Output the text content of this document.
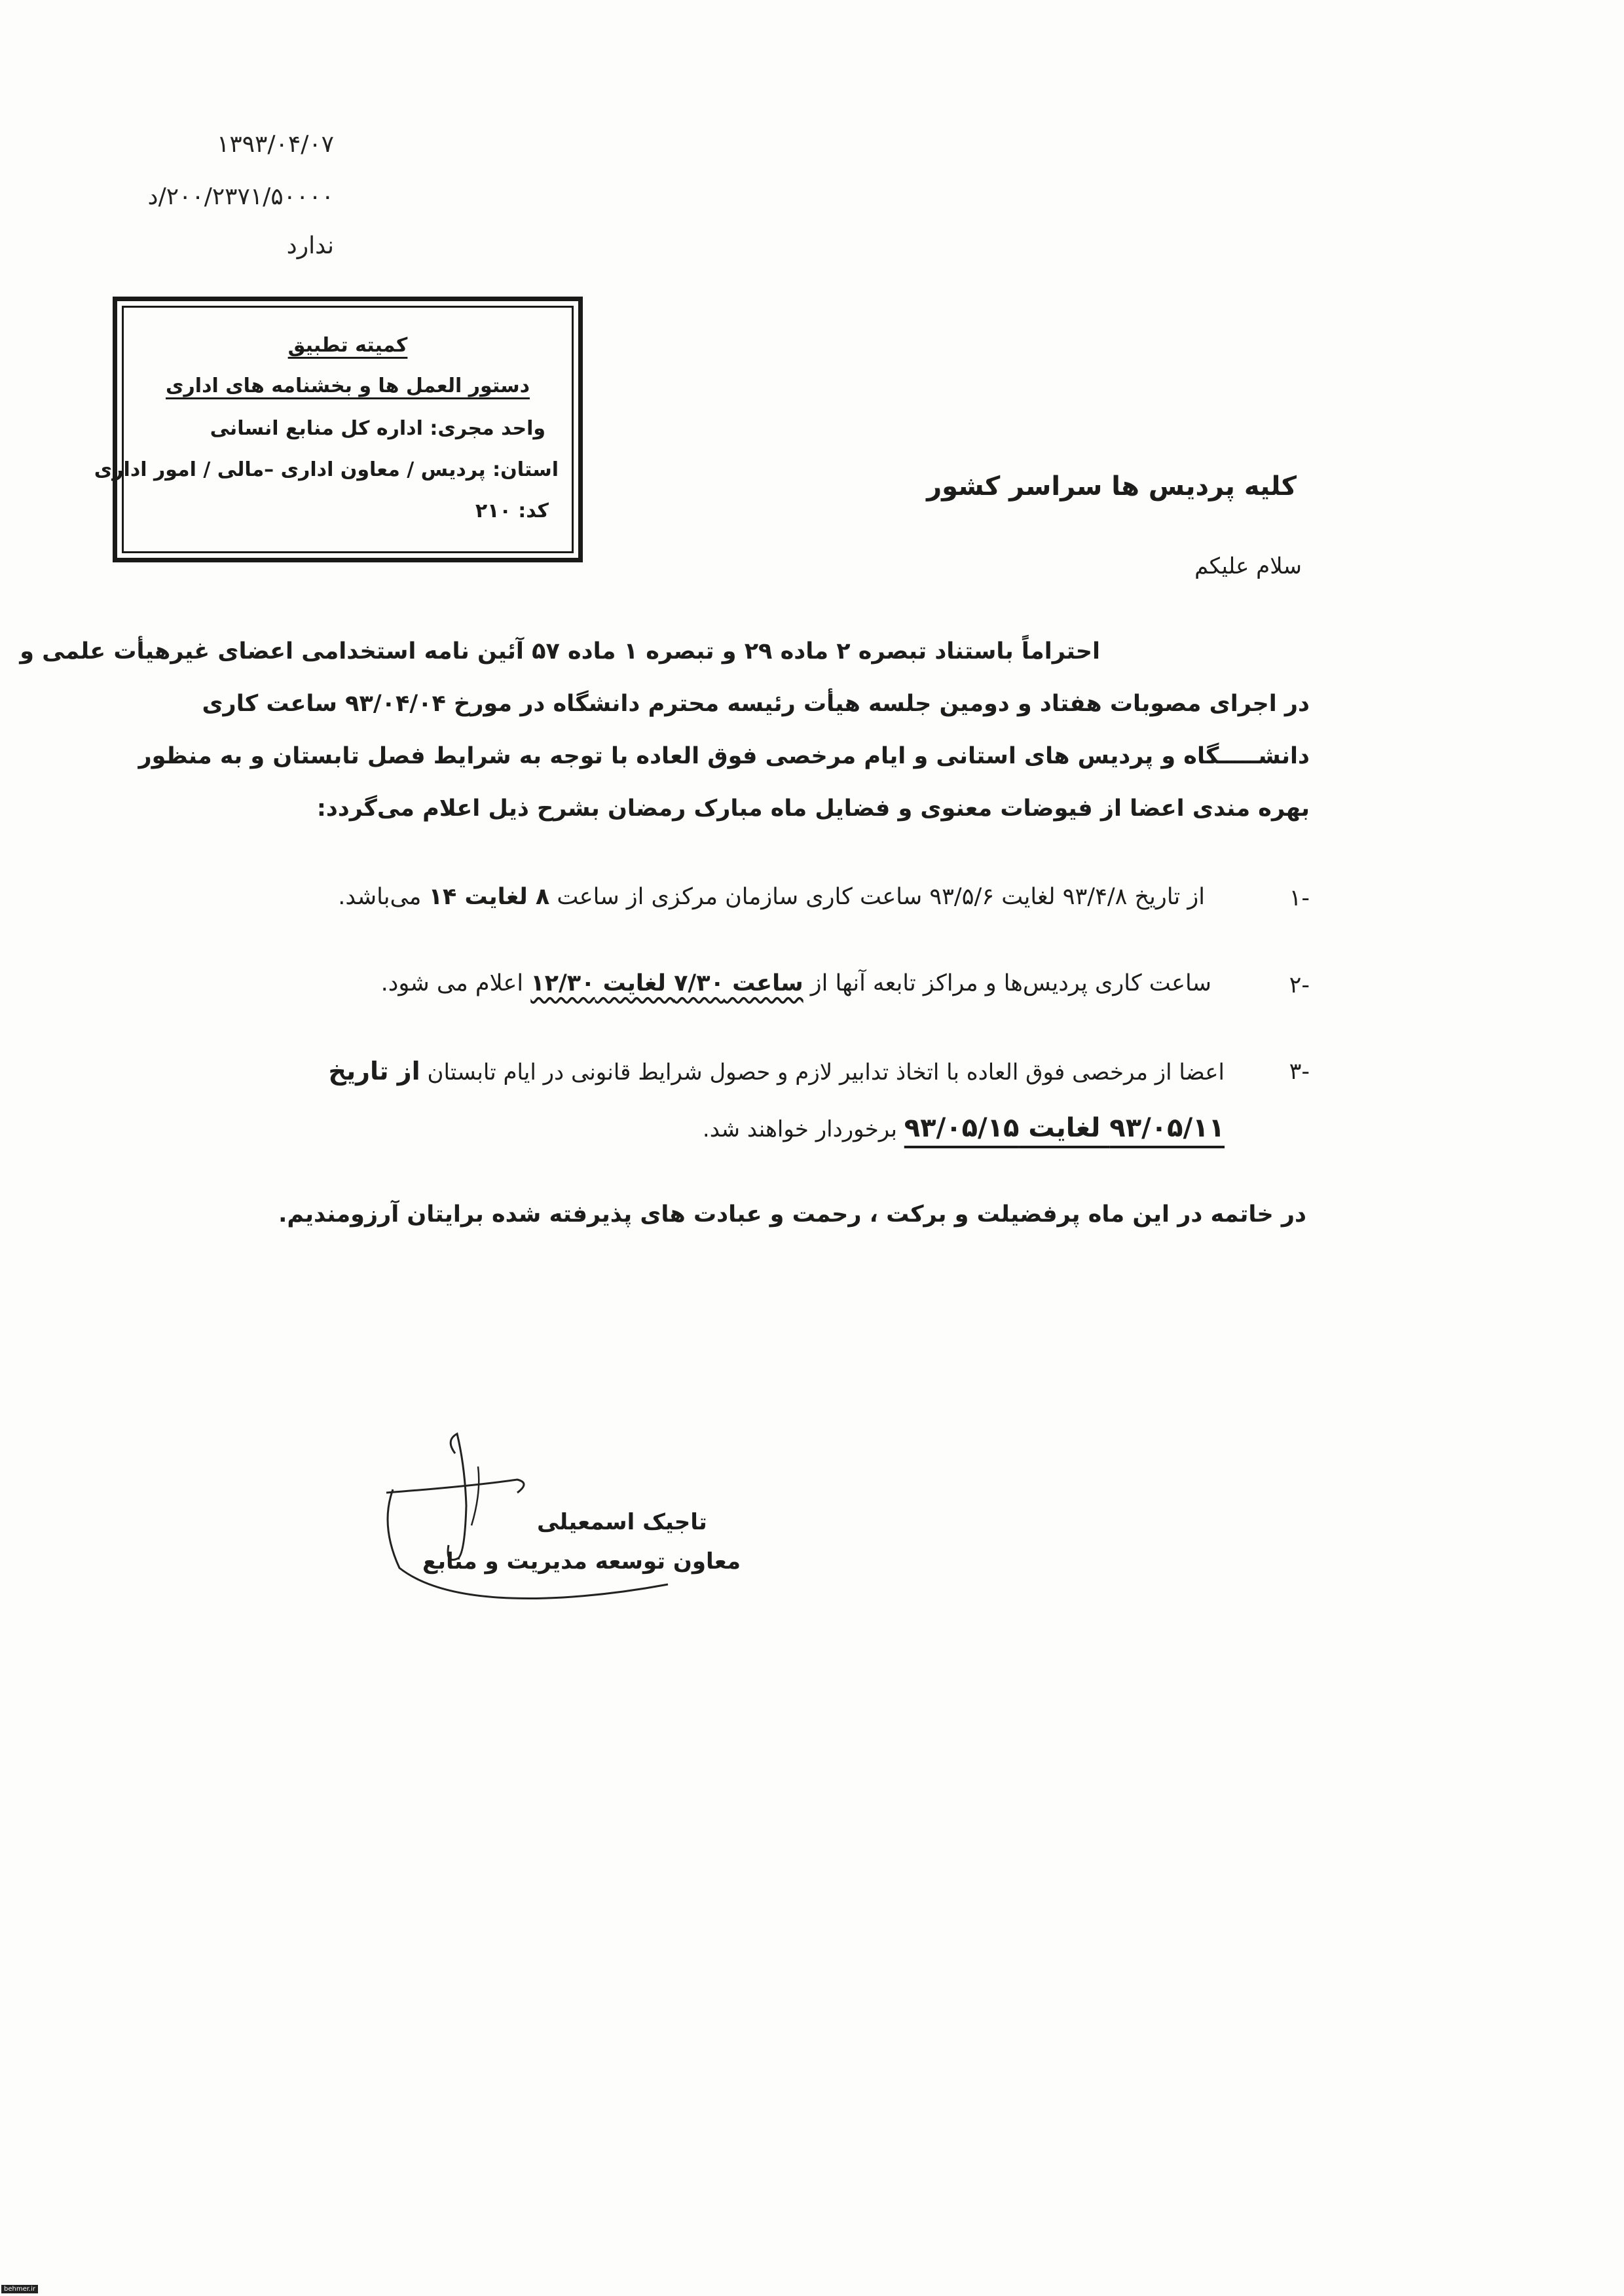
۱۳۹۳/۰۴/۰۷
۲۰۰/۲۳۷۱/۵۰۰۰۰/د
ندارد
کمیته تطبیق
دستور العمل ها و بخشنامه های اداری
واحد مجری: اداره کل منابع انسانی
استان: پردیس / معاون اداری –مالی / امور اداری
کد: ۲۱۰
کلیه پردیس ها سراسر کشور
سلام علیکم
احتراماً باستناد تبصره ۲ ماده ۲۹ و تبصره ۱ ماده ۵۷ آئین نامه استخدامی اعضای غیرهیأت علمی و
در اجرای مصوبات هفتاد و دومین جلسه هیأت رئیسه محترم دانشگاه در مورخ ۹۳/۰۴/۰۴ ساعت کاری
دانشـــــگاه و پردیس های استانی و ایام مرخصی فوق العاده با توجه به شرایط فصل تابستان و به منظور
بهره مندی اعضا از فیوضات معنوی و فضایل ماه مبارک رمضان بشرح ذیل اعلام می‌گردد:
۱-
از تاریخ ۹۳/۴/۸ لغایت ۹۳/۵/۶ ساعت کاری سازمان مرکزی از ساعت ۸ لغایت ۱۴ می‌باشد.
۲-
ساعت کاری پردیس‌ها و مراکز تابعه آنها از ساعت ۷/۳۰ لغایت ۱۲/۳۰ اعلام می شود.
۳-
اعضا از مرخصی فوق العاده با اتخاذ تدابیر لازم و حصول شرایط قانونی در ایام تابستان از تاریخ
۹۳/۰۵/۱۱ لغایت ۹۳/۰۵/۱۵ برخوردار خواهند شد.
در خاتمه در این ماه پرفضیلت و برکت ، رحمت و عبادت های پذیرفته شده برایتان آرزومندیم.
تاجیک اسمعیلی
معاون توسعه مدیریت و منابع
behmer.ir
